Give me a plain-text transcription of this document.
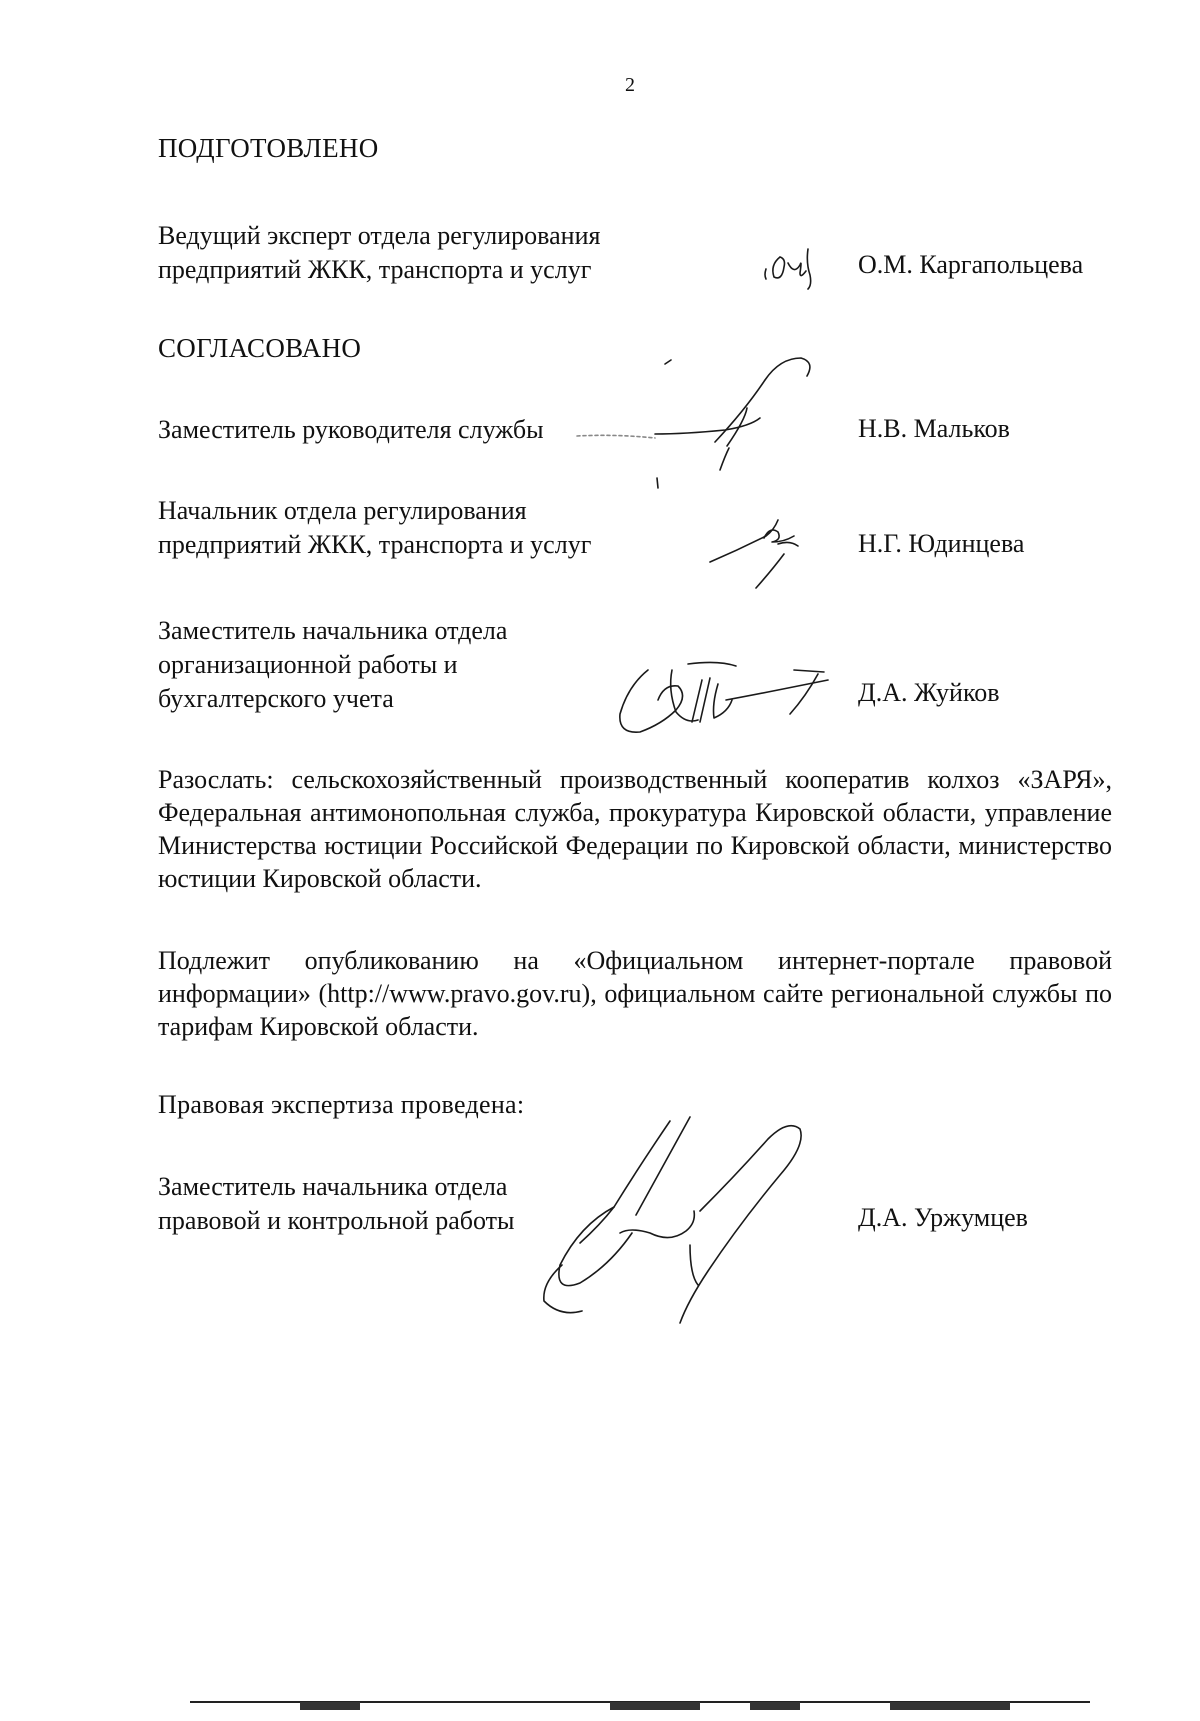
2
ПОДГОТОВЛЕНО
Ведущий эксперт отдела регулирования
предприятий ЖКК, транспорта и услуг	О.М. Каргапольцева
СОГЛАСОВАНО
Заместитель руководителя службы	Н.В. Мальков
Начальник отдела регулирования
предприятий ЖКК, транспорта и услуг	Н.Г. Юдинцева
Заместитель начальника отдела
организационной работы и
бухгалтерского учета	Д.А. Жуйков
Разослать: сельскохозяйственный производственный кооператив колхоз «ЗАРЯ», Федеральная антимонопольная служба, прокуратура Кировской области, управление Министерства юстиции Российской Федерации по Кировской области, министерство юстиции Кировской области.
Подлежит опубликованию на «Официальном интернет-портале правовой информации» (http://www.pravo.gov.ru), официальном сайте региональной службы по тарифам Кировской области.
Правовая экспертиза проведена:
Заместитель начальника отдела
правовой и контрольной работы	Д.А. Уржумцев
